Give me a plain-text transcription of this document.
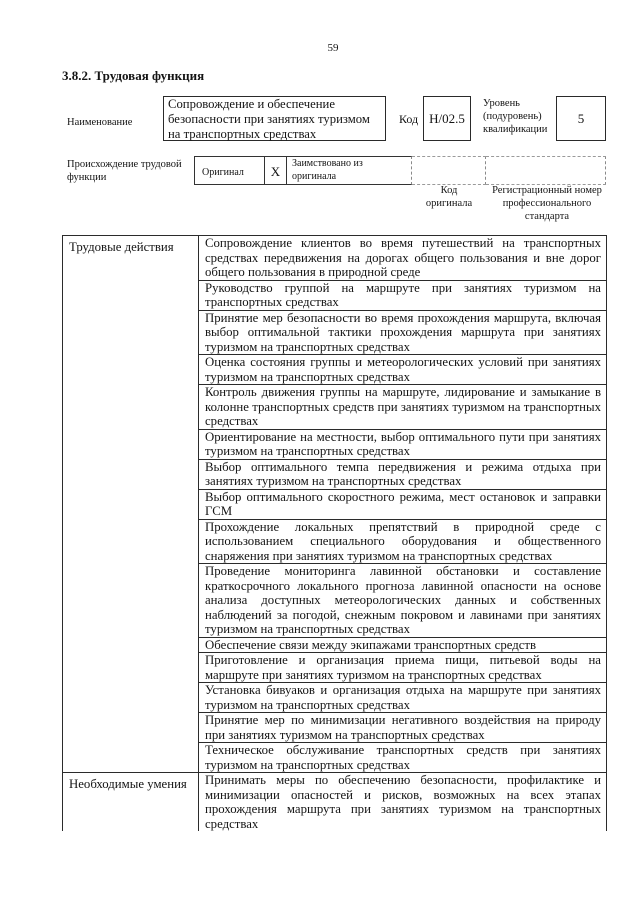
59
3.8.2. Трудовая функция
Наименование
Сопровождение и обеспечение безопасности при занятиях туризмом на транспортных средствах
Код Н/02.5
Уровень (подуровень) квалификации
5
Происхождение трудовой функции	Оригинал	X
Заимствовано из оригинала
Код оригинала
Регистрационный номер профессионального стандарта
Трудовые действия	Сопровождение клиентов во время путешествий на транспортных средствах передвижения на дорогах общего пользования и вне дорог общего пользования в природной среде
Руководство группой на маршруте при занятиях туризмом на транспортных средствах
Принятие мер безопасности во время прохождения маршрута, включая выбор оптимальной тактики прохождения маршрута при занятиях туризмом на транспортных средствах
Оценка состояния группы и метеорологических условий при занятиях туризмом на транспортных средствах
Контроль движения группы на маршруте, лидирование и замыкание в колонне транспортных средств при занятиях туризмом на транспортных средствах
Ориентирование на местности, выбор оптимального пути при занятиях туризмом на транспортных средствах
Выбор оптимального темпа передвижения и режима отдыха при занятиях туризмом на транспортных средствах
Выбор оптимального скоростного режима, мест остановок и заправки ГСМ
Прохождение локальных препятствий в природной среде с использованием специального оборудования и общественного снаряжения при занятиях туризмом на транспортных средствах
Проведение мониторинга лавинной обстановки и составление краткосрочного локального прогноза лавинной опасности на основе анализа доступных метеорологических данных и собственных наблюдений за погодой, снежным покровом и лавинами при занятиях туризмом на транспортных средствах
Обеспечение связи между экипажами транспортных средств
Приготовление и организация приема пищи, питьевой воды на маршруте при занятиях туризмом на транспортных средствах
Установка бивуаков и организация отдыха на маршруте при занятиях туризмом на транспортных средствах
Принятие мер по минимизации негативного воздействия на природу при занятиях туризмом на транспортных средствах
Техническое обслуживание транспортных средств при занятиях туризмом на транспортных средствах
Необходимые умения	Принимать меры по обеспечению безопасности, профилактике и минимизации опасностей и рисков, возможных на всех этапах прохождения маршрута при занятиях туризмом на транспортных средствах
